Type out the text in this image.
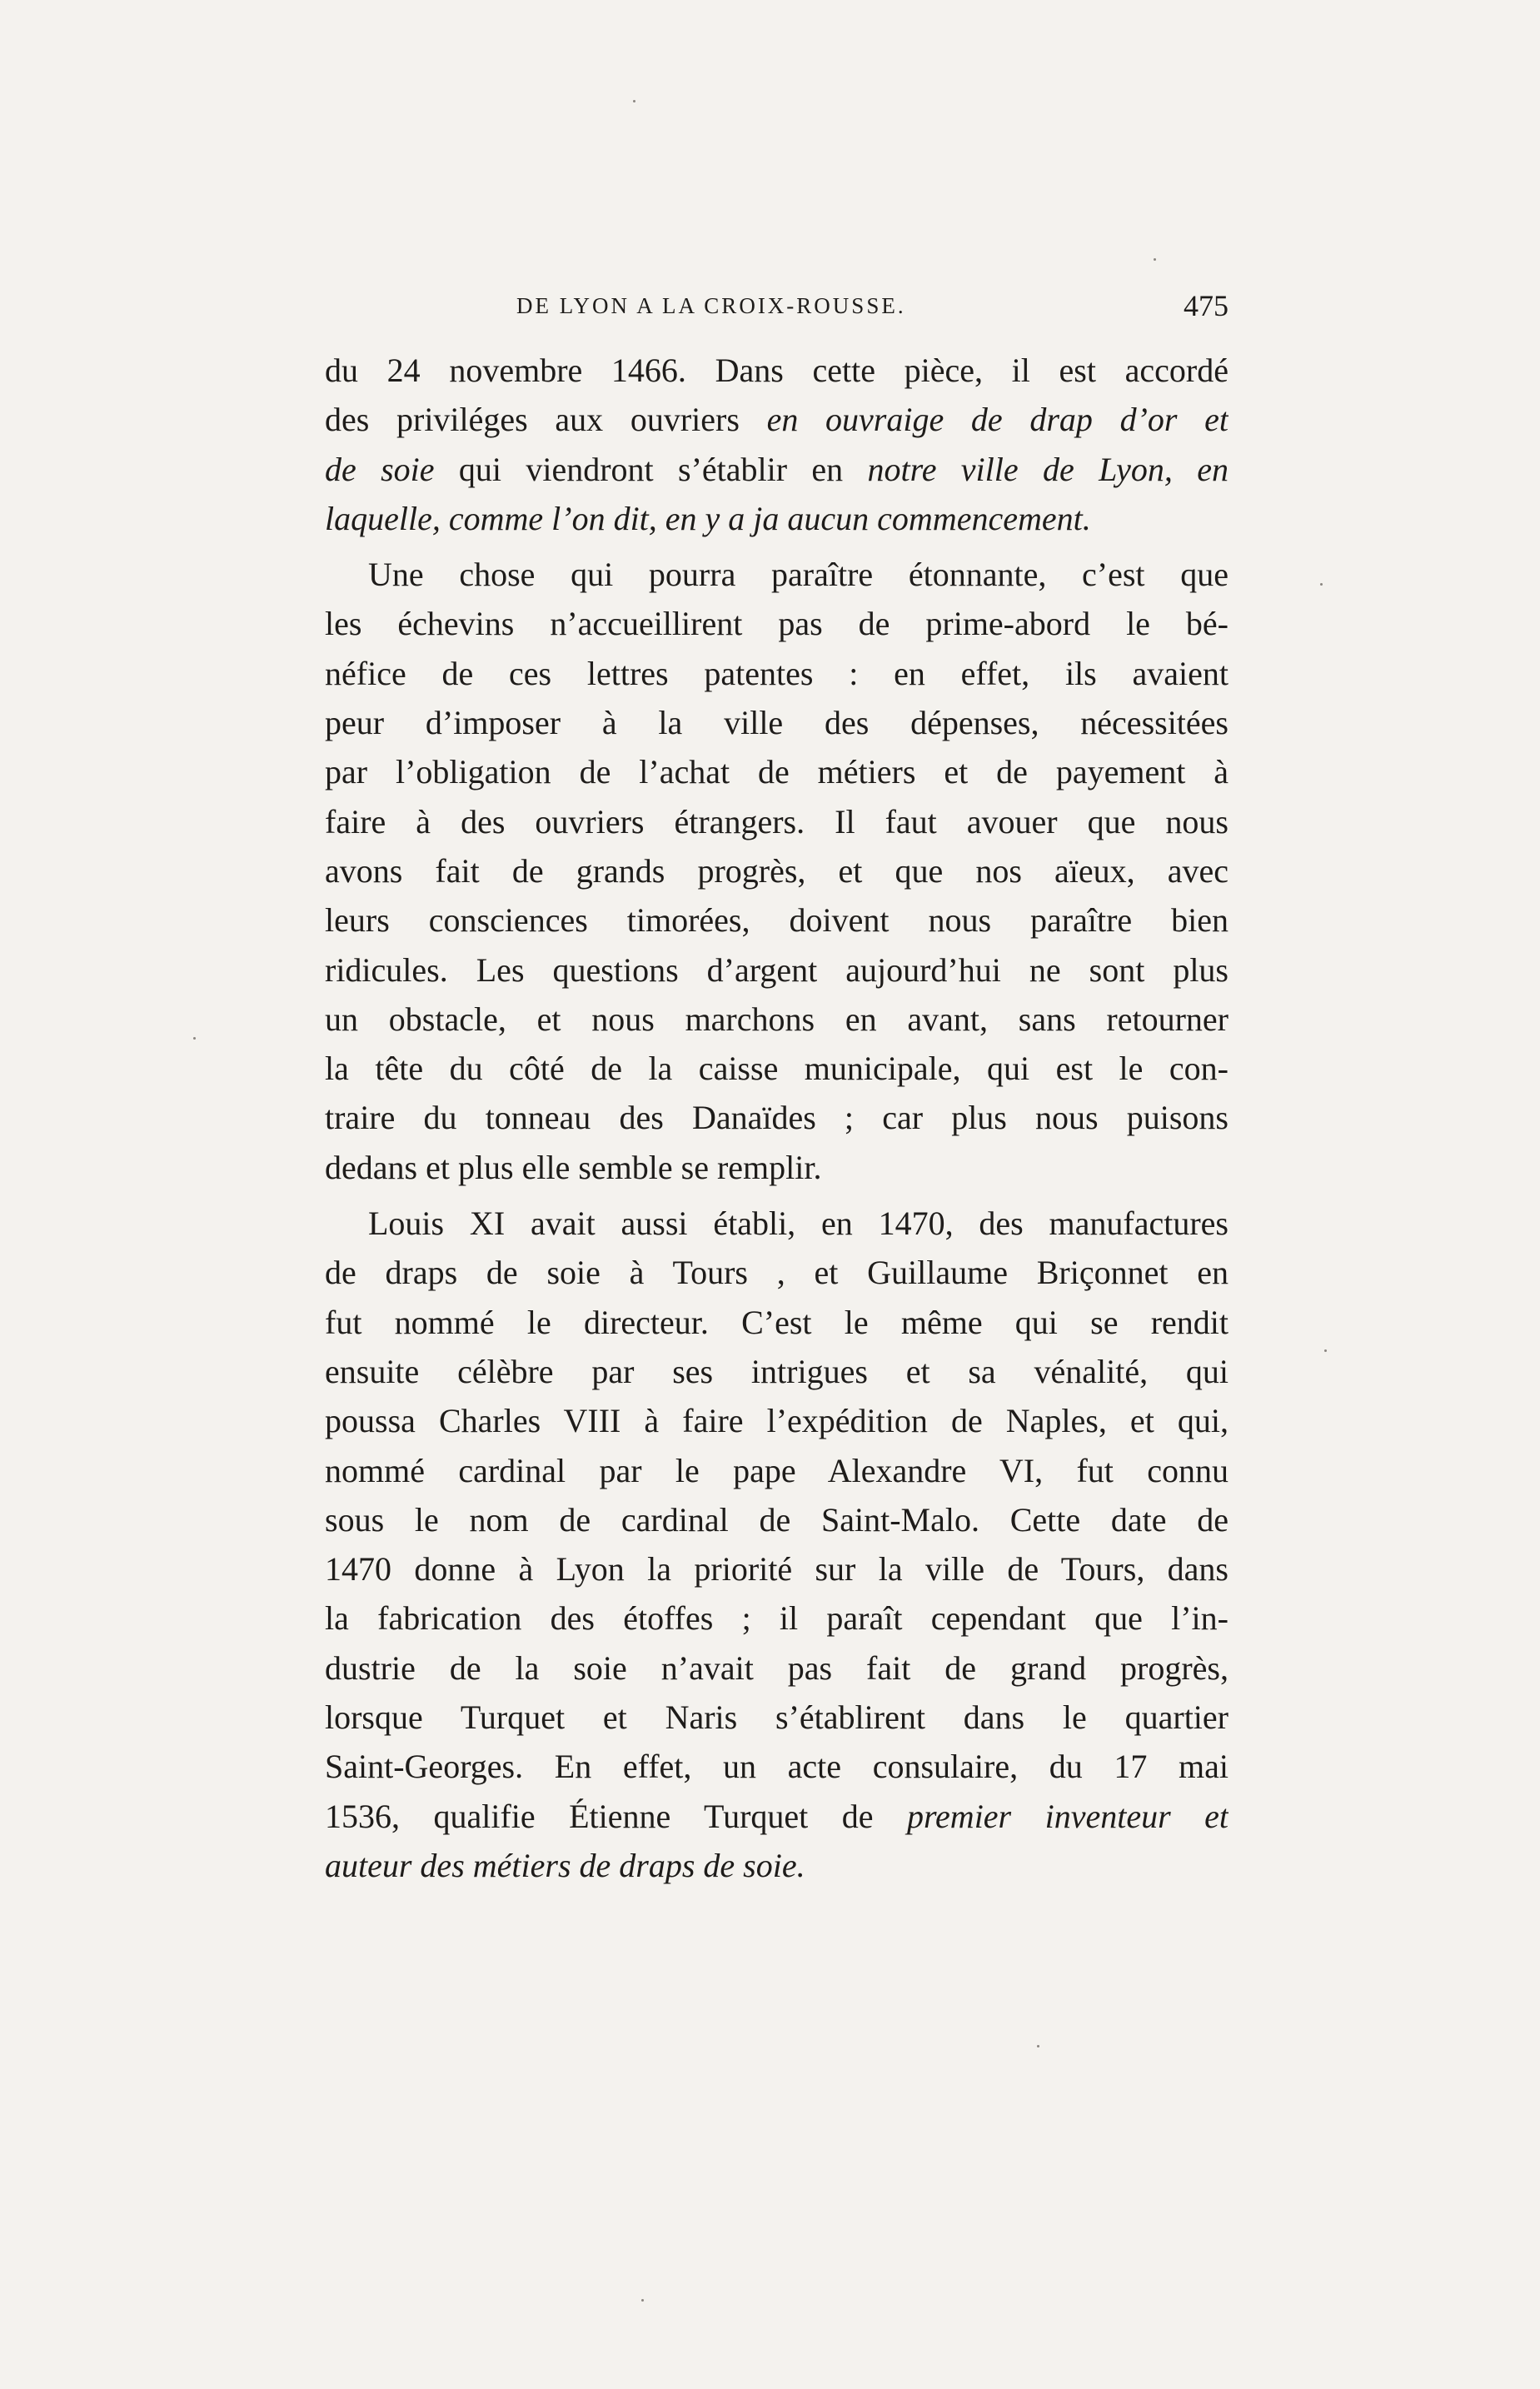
DE LYON A LA CROIX-ROUSSE.	475
du 24 novembre 1466. Dans cette pièce, il est accordé
des priviléges aux ouvriers en ouvraige de drap d’or et
de soie qui viendront s’établir en notre ville de Lyon, en
laquelle, comme l’on dit, en y a ja aucun commencement.
Une chose qui pourra paraître étonnante, c’est que
les échevins n’accueillirent pas de prime-abord le bé-
néfice de ces lettres patentes : en effet, ils avaient
peur d’imposer à la ville des dépenses, nécessitées
par l’obligation de l’achat de métiers et de payement à
faire à des ouvriers étrangers. Il faut avouer que nous
avons fait de grands progrès, et que nos aïeux, avec
leurs consciences timorées, doivent nous paraître bien
ridicules. Les questions d’argent aujourd’hui ne sont plus
un obstacle, et nous marchons en avant, sans retourner
la tête du côté de la caisse municipale, qui est le con-
traire du tonneau des Danaïdes ; car plus nous puisons
dedans et plus elle semble se remplir.
Louis XI avait aussi établi, en 1470, des manufactures
de draps de soie à Tours , et Guillaume Briçonnet en
fut nommé le directeur. C’est le même qui se rendit
ensuite célèbre par ses intrigues et sa vénalité, qui
poussa Charles VIII à faire l’expédition de Naples, et qui,
nommé cardinal par le pape Alexandre VI, fut connu
sous le nom de cardinal de Saint-Malo. Cette date de
1470 donne à Lyon la priorité sur la ville de Tours, dans
la fabrication des étoffes ; il paraît cependant que l’in-
dustrie de la soie n’avait pas fait de grand progrès,
lorsque Turquet et Naris s’établirent dans le quartier
Saint-Georges. En effet, un acte consulaire, du 17 mai
1536, qualifie Étienne Turquet de premier inventeur et
auteur des métiers de draps de soie.
